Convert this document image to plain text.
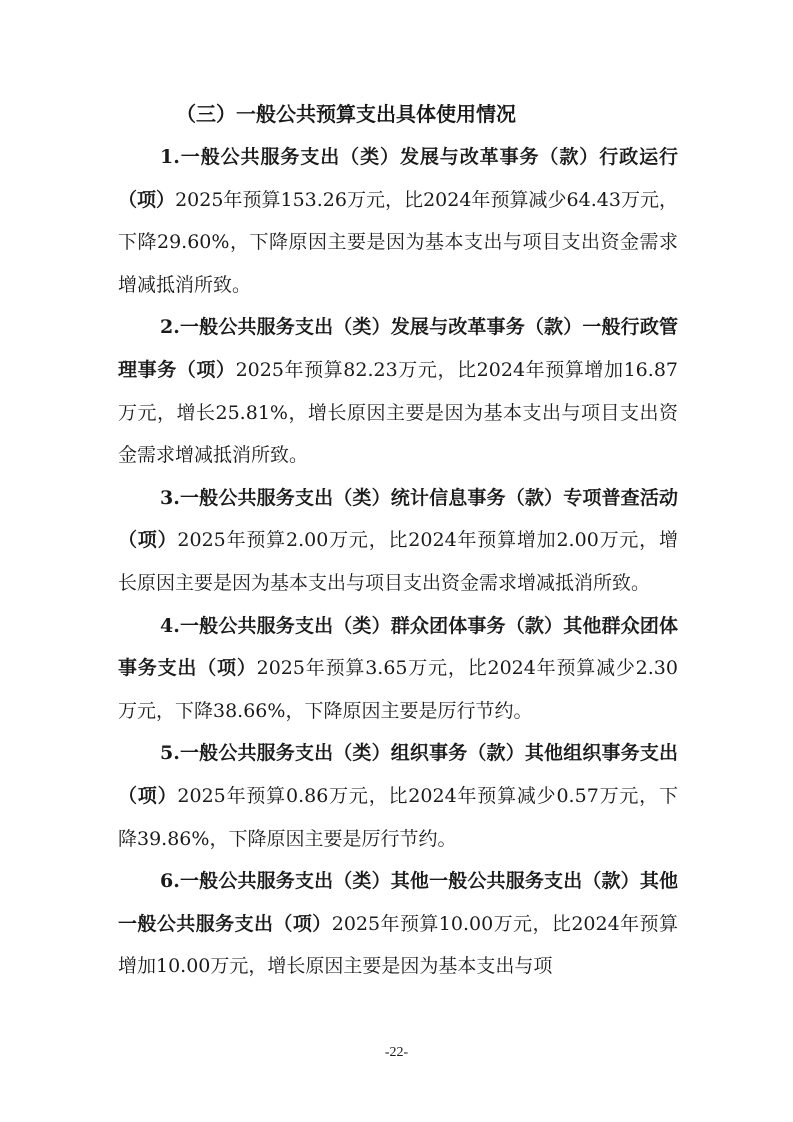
（三）一般公共预算支出具体使用情况

1.一般公共服务支出（类）发展与改革事务（款）行政运行（项）2025年预算153.26万元，比2024年预算减少64.43万元，下降29.60%，下降原因主要是因为基本支出与项目支出资金需求增减抵消所致。

2.一般公共服务支出（类）发展与改革事务（款）一般行政管理事务（项）2025年预算82.23万元，比2024年预算增加16.87万元，增长25.81%，增长原因主要是因为基本支出与项目支出资金需求增减抵消所致。

3.一般公共服务支出（类）统计信息事务（款）专项普查活动（项）2025年预算2.00万元，比2024年预算增加2.00万元，增长原因主要是因为基本支出与项目支出资金需求增减抵消所致。

4.一般公共服务支出（类）群众团体事务（款）其他群众团体事务支出（项）2025年预算3.65万元，比2024年预算减少2.30万元，下降38.66%，下降原因主要是厉行节约。

5.一般公共服务支出（类）组织事务（款）其他组织事务支出（项）2025年预算0.86万元，比2024年预算减少0.57万元，下降39.86%，下降原因主要是厉行节约。

6.一般公共服务支出（类）其他一般公共服务支出（款）其他一般公共服务支出（项）2025年预算10.00万元，比2024年预算增加10.00万元，增长原因主要是因为基本支出与项

-22-
